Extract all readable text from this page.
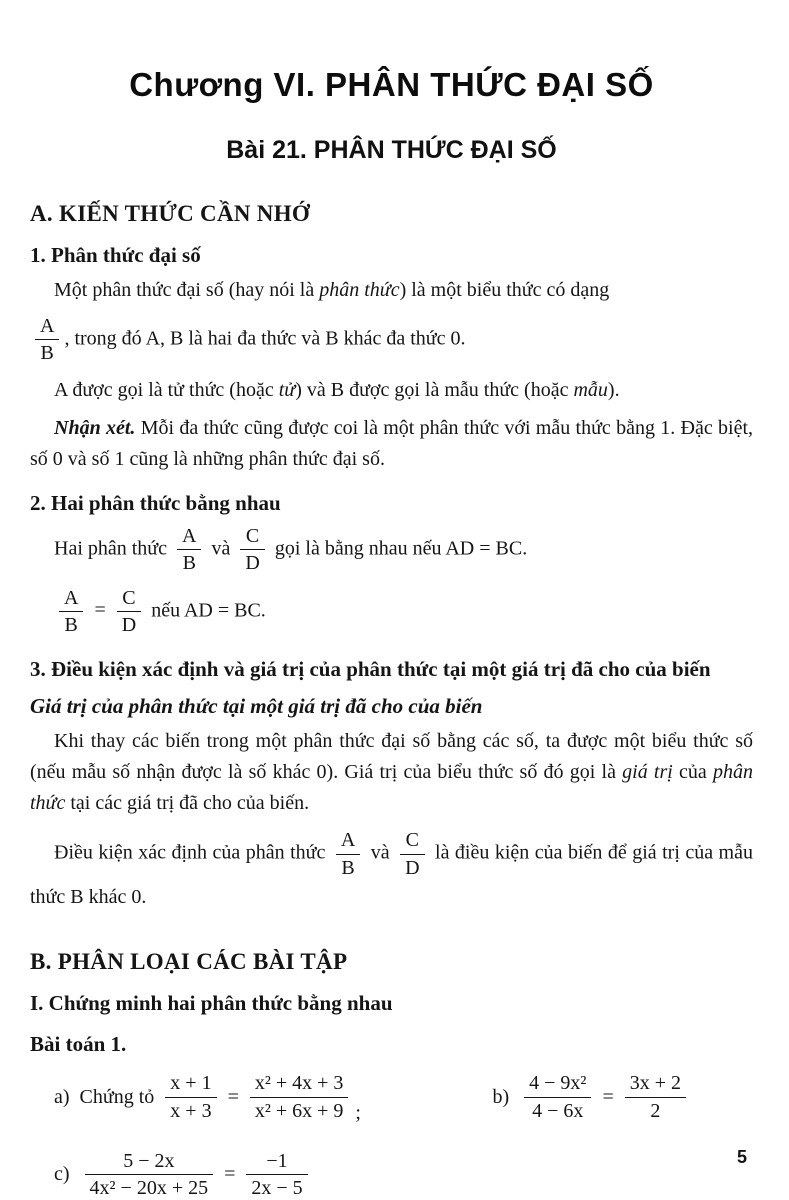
Chương VI. PHÂN THỨC ĐẠI SỐ
Bài 21. PHÂN THỨC ĐẠI SỐ
A. KIẾN THỨC CẦN NHỚ
1. Phân thức đại số

Một phân thức đại số (hay nói là phân thức) là một biểu thức có dạng

$\frac{A}{B}$ , trong đó A, B là hai đa thức và B khác đa thức 0.

A được gọi là tử thức (hoặc tử) và B được gọi là mẫu thức (hoặc mẫu).

Nhận xét. Mỗi đa thức cũng được coi là một phân thức với mẫu thức bằng 1. Đặc biệt, số 0 và số 1 cũng là những phân thức đại số.

2. Hai phân thức bằng nhau

Hai phân thức $\frac{A}{B}$ và $\frac{C}{D}$ gọi là bằng nhau nếu AD = BC.

$\frac{A}{B} = \frac{C}{D}$ nếu AD = BC.

3. Điều kiện xác định và giá trị của phân thức tại một giá trị đã cho của biến
Giá trị của phân thức tại một giá trị đã cho của biến

Khi thay các biến trong một phân thức đại số bằng các số, ta được một biểu thức số (nếu mẫu số nhận được là số khác 0). Giá trị của biểu thức số đó gọi là giá trị của phân thức tại các giá trị đã cho của biến.

Điều kiện xác định của phân thức $\frac{A}{B}$ và $\frac{C}{D}$ là điều kiện của biến để giá trị của mẫu thức B khác 0.

B. PHÂN LOẠI CÁC BÀI TẬP
I. Chứng minh hai phân thức bằng nhau
Bài toán 1.
a) Chứng tỏ $\frac{x + 1}{x + 3} = \frac{\text{x² + 4x + 3}}{\text{x² + 6x + 9}}$ ;
$b) \frac{\text{4 − 9x²}}{4 - 6x} = \frac{3x + 2}{2}$
$c) \frac{5 - 2x}{\text{4x² − 20x + 25}} = \frac{-1}{2x - 5}$	5
